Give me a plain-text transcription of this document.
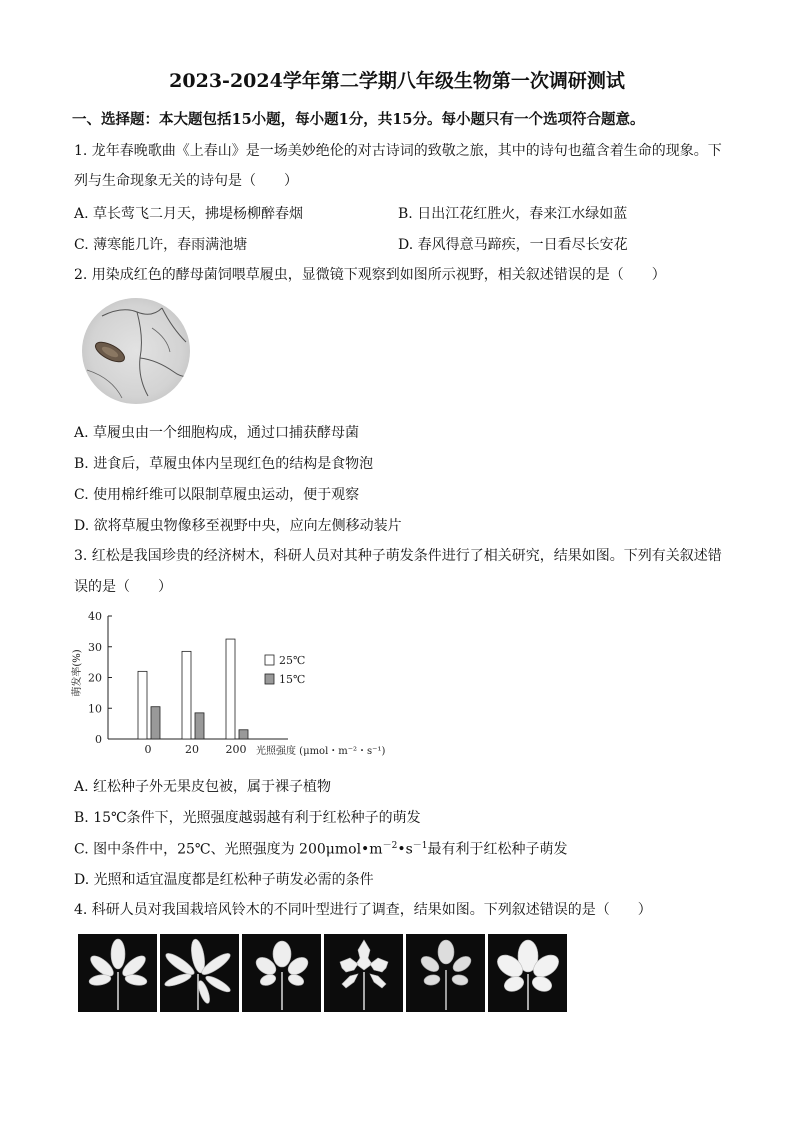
2023-2024学年第二学期八年级生物第一次调研测试
一、选择题：本大题包括15小题，每小题1分，共15分。每小题只有一个选项符合题意。
1. 龙年春晚歌曲《上春山》是一场美妙绝伦的对古诗词的致敬之旅，其中的诗句也蕴含着生命的现象。下
列与生命现象无关的诗句是（　　）
A. 草长莺飞二月天，拂堤杨柳醉春烟	B. 日出江花红胜火，春来江水绿如蓝
C. 薄寒能几许，春雨满池塘	D. 春风得意马蹄疾，一日看尽长安花
2. 用染成红色的酵母菌饲喂草履虫，显微镜下观察到如图所示视野，相关叙述错误的是（　　）
A. 草履虫由一个细胞构成，通过口捕获酵母菌
B. 进食后，草履虫体内呈现红色的结构是食物泡
C. 使用棉纤维可以限制草履虫运动，便于观察
D. 欲将草履虫物像移至视野中央，应向左侧移动装片
3. 红松是我国珍贵的经济树木，科研人员对其种子萌发条件进行了相关研究，结果如图。下列有关叙述错
误的是（　　）
0
10
20
30
40
萌发率(%)
0	20 200 光照强度 (μmol・m⁻²・s⁻¹)
25℃
15℃
A. 红松种子外无果皮包被，属于裸子植物
B. 15℃条件下，光照强度越弱越有利于红松种子的萌发
C. 图中条件中，25℃、光照强度为 $200\mu mol•m^{-2}•s^{-1}$最有利于红松种子萌发
D. 光照和适宜温度都是红松种子萌发必需的条件
4. 科研人员对我国栽培风铃木的不同叶型进行了调查，结果如图。下列叙述错误的是（　　）
